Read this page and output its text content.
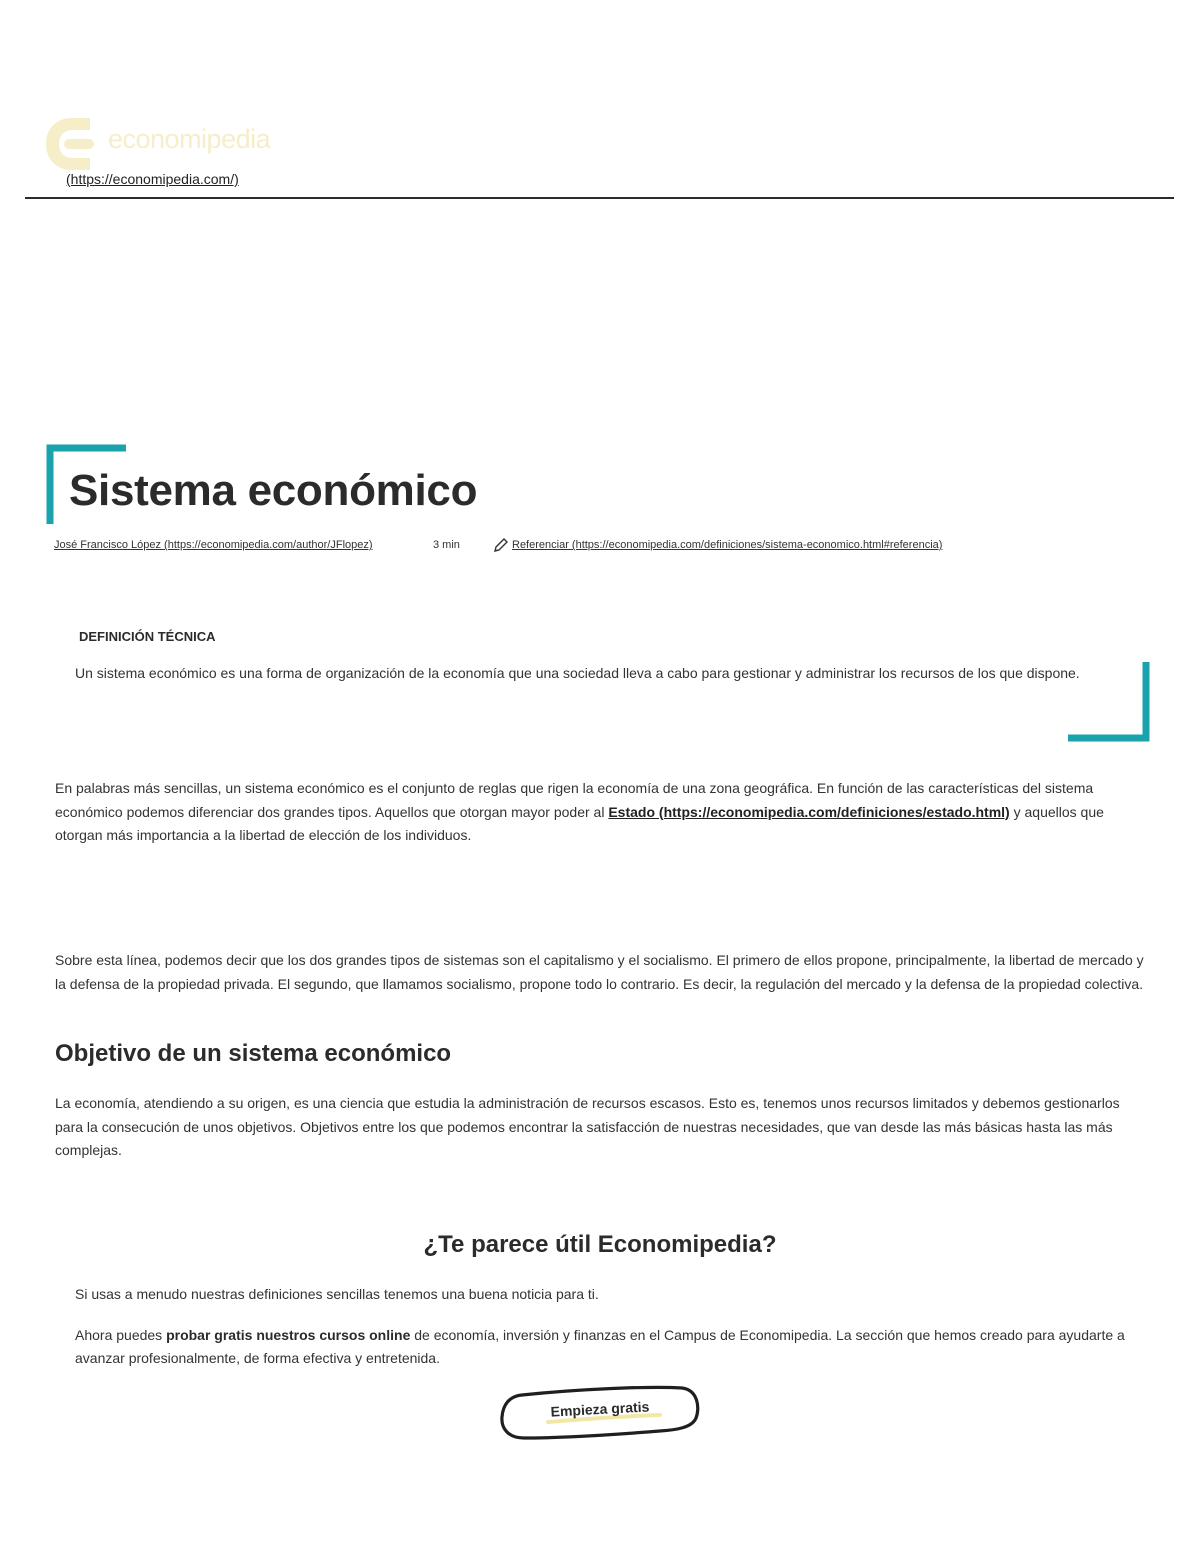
economipedia
(https://economipedia.com/)
Sistema económico
José Francisco López (https://economipedia.com/author/JFlopez)	3 min	Referenciar (https://economipedia.com/definiciones/sistema-economico.html#referencia)
DEFINICIÓN TÉCNICA

Un sistema económico es una forma de organización de la economía que una sociedad lleva a cabo para gestionar y administrar los recursos de los que dispone.

En palabras más sencillas, un sistema económico es el conjunto de reglas que rigen la economía de una zona geográfica. En función de las características del sistema económico podemos diferenciar dos grandes tipos. Aquellos que otorgan mayor poder al Estado (https://economipedia.com/definiciones/estado.html) y aquellos que otorgan más importancia a la libertad de elección de los individuos.

Sobre esta línea, podemos decir que los dos grandes tipos de sistemas son el capitalismo y el socialismo. El primero de ellos propone, principalmente, la libertad de mercado y la defensa de la propiedad privada. El segundo, que llamamos socialismo, propone todo lo contrario. Es decir, la regulación del mercado y la defensa de la propiedad colectiva.

Objetivo de un sistema económico

La economía, atendiendo a su origen, es una ciencia que estudia la administración de recursos escasos. Esto es, tenemos unos recursos limitados y debemos gestionarlos para la consecución de unos objetivos. Objetivos entre los que podemos encontrar la satisfacción de nuestras necesidades, que van desde las más básicas hasta las más complejas.

¿Te parece útil Economipedia?

Si usas a menudo nuestras definiciones sencillas tenemos una buena noticia para ti.

Ahora puedes probar gratis nuestros cursos online de economía, inversión y finanzas en el Campus de Economipedia. La sección que hemos creado para ayudarte a avanzar profesionalmente, de forma efectiva y entretenida.

Empieza gratis
